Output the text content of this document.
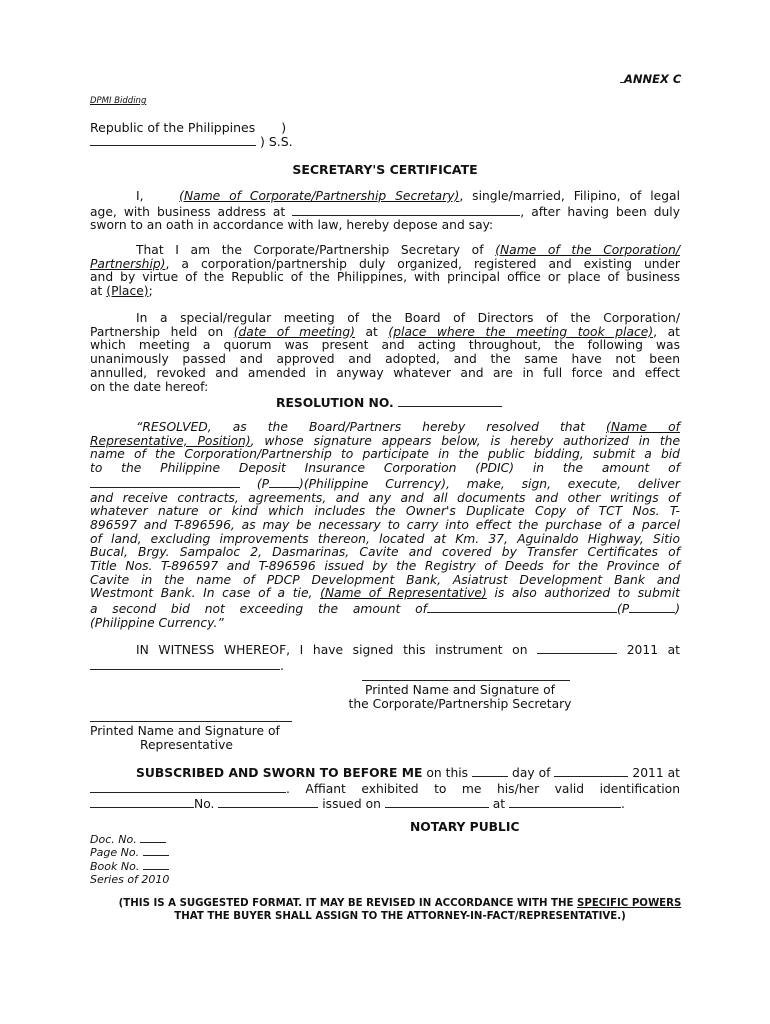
ANNEX C
DPMI Bidding
Republic of the Philippines )
) S.S.
SECRETARY'S CERTIFICATE
I,	(Name of Corporate/Partnership Secretary), single/married, Filipino, of legal
age, with business address at	, after having been duly
sworn to an oath in accordance with law, hereby depose and say:
That I am the Corporate/Partnership Secretary of (Name of the Corporation/
Partnership), a corporation/partnership duly organized, registered and existing under
and by virtue of the Republic of the Philippines, with principal office or place of business
at (Place);
In a special/regular meeting of the Board of Directors of the Corporation/
Partnership held on (date of meeting) at (place where the meeting took place), at
which meeting a quorum was present and acting throughout, the following was
unanimously passed and approved and adopted, and the same have not been
annulled, revoked and amended in anyway whatever and are in full force and effect
on the date hereof:
RESOLUTION NO.
“RESOLVED, as the Board/Partners hereby resolved that (Name of
Representative, Position), whose signature appears below, is hereby authorized in the
name of the Corporation/Partnership to participate in the public bidding, submit a bid
to the Philippine Deposit Insurance Corporation (PDIC) in the amount of
(P )(Philippine Currency), make, sign, execute, deliver
and receive contracts, agreements, and any and all documents and other writings of
whatever nature or kind which includes the Owner's Duplicate Copy of TCT Nos. T-
896597 and T-896596, as may be necessary to carry into effect the purchase of a parcel
of land, excluding improvements thereon, located at Km. 37, Aguinaldo Highway, Sitio
Bucal, Brgy. Sampaloc 2, Dasmarinas, Cavite and covered by Transfer Certificates of
Title Nos. T-896597 and T-896596 issued by the Registry of Deeds for the Province of
Cavite in the name of PDCP Development Bank, Asiatrust Development Bank and
Westmont Bank. In case of a tie, (Name of Representative) is also authorized to submit
a second bid not exceeding the amount of	(P	)
(Philippine Currency.”
IN WITNESS WHEREOF, I have signed this instrument on	2011 at
.
Printed Name and Signature of
the Corporate/Partnership Secretary
Printed Name and Signature of
Representative
SUBSCRIBED AND SWORN TO BEFORE ME on this	day of	2011 at
. Affiant exhibited to me his/her valid identification
No.	issued on	at	.
NOTARY PUBLIC
Doc. No.
Page No.
Book No.
Series of 2010
(THIS IS A SUGGESTED FORMAT. IT MAY BE REVISED IN ACCORDANCE WITH THE SPECIFIC POWERS
THAT THE BUYER SHALL ASSIGN TO THE ATTORNEY-IN-FACT/REPRESENTATIVE.)
